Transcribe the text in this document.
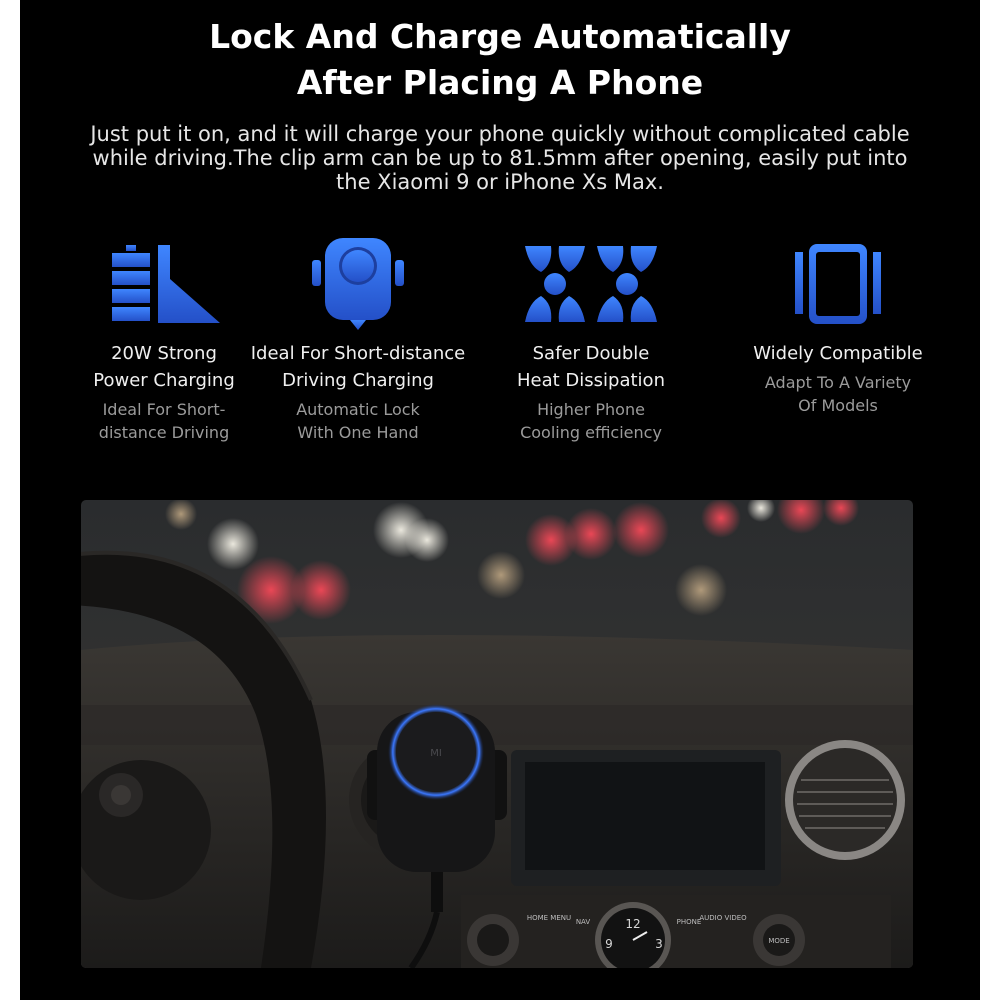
Lock And Charge Automatically
After Placing A Phone
Just put it on, and it will charge your phone quickly without complicated cable
while driving.The clip arm can be up to 81.5mm after opening, easily put into
the Xiaomi 9 or iPhone Xs Max.
20W Strong
Power Charging
Ideal For Short-
distance Driving
Ideal For Short-distance
Driving Charging
Automatic Lock
With One Hand
Safer Double
Heat Dissipation
Higher Phone
Cooling efficiency
Widely Compatible
Adapt To A Variety
Of Models
12
9	3
HOME MENU NAV	PHONE
AUDIO VIDEO
MODE
MI
